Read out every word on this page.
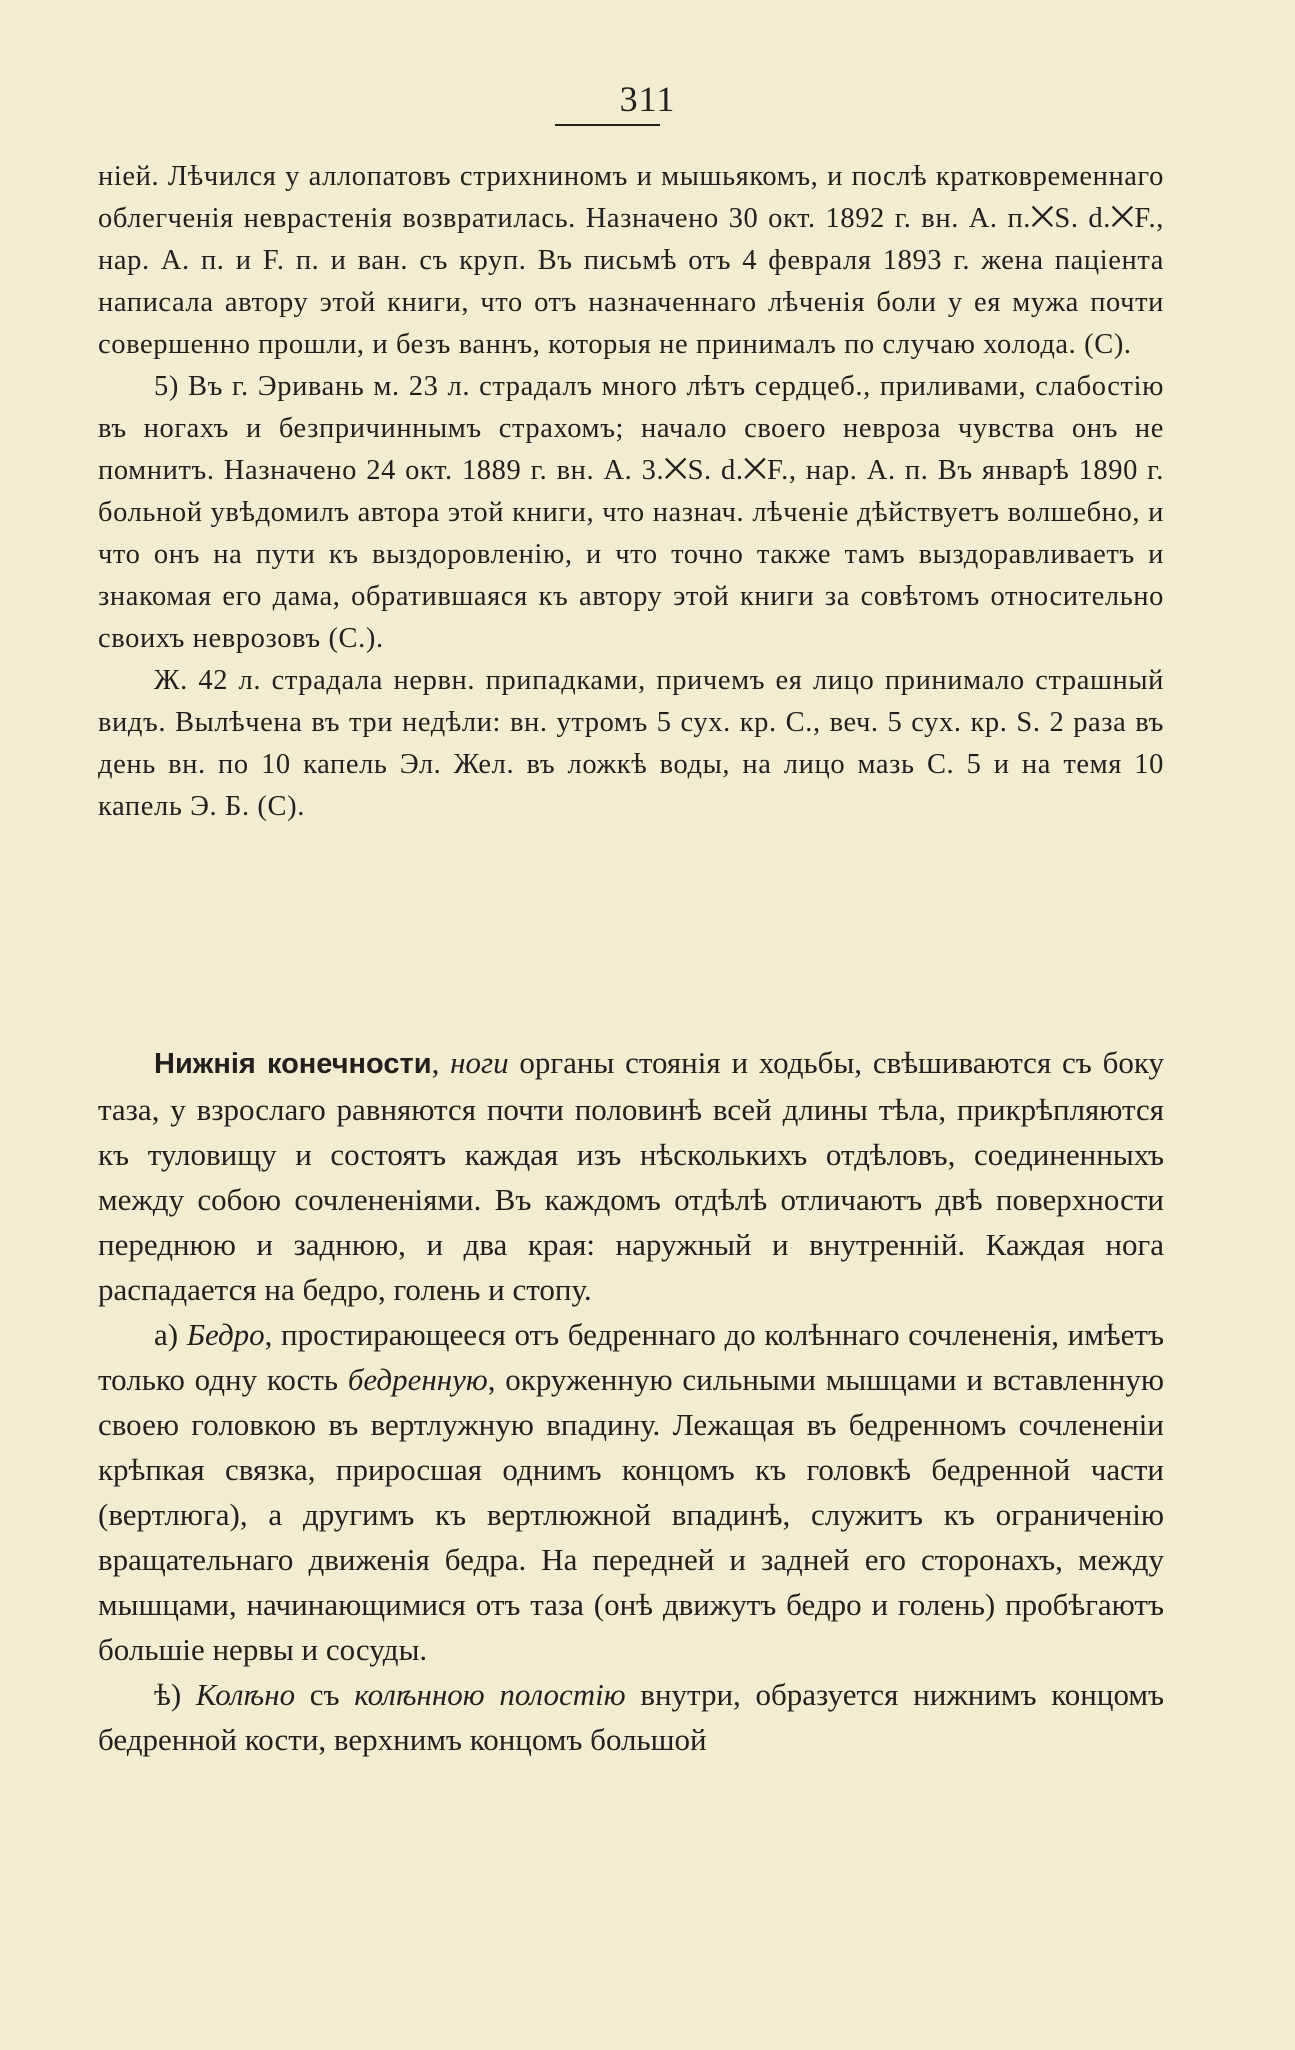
311

ніей. Лѣчился у аллопатовъ стрихниномъ и мышьякомъ, и послѣ кратковременнаго облегченія неврастенія возвратилась. Назначено 30 окт. 1892 г. вн. А. п.⨉S. d.⨉F., нар. А. п. и F. п. и ван. съ круп. Въ письмѣ отъ 4 февраля 1893 г. жена паціента написала автору этой книги, что отъ назначеннаго лѣченія боли у ея мужа почти совершенно прошли, и безъ ваннъ, которыя не принималъ по случаю холода. (С).

5) Въ г. Эривань м. 23 л. страдалъ много лѣтъ сердцеб., приливами, слабостію въ ногахъ и безпричиннымъ страхомъ; начало своего невроза чувства онъ не помнитъ. Назначено 24 окт. 1889 г. вн. А. 3.⨉S. d.⨉F., нар. А. п. Въ январѣ 1890 г. больной увѣдомилъ автора этой книги, что назнач. лѣченіе дѣйствуетъ волшебно, и что онъ на пути къ выздоровленію, и что точно также тамъ выздоравливаетъ и знакомая его дама, обратившаяся къ автору этой книги за совѣтомъ относительно своихъ неврозовъ (С.).

Ж. 42 л. страдала нервн. припадками, причемъ ея лицо принимало страшный видъ. Вылѣчена въ три недѣли: вн. утромъ 5 сух. кр. С., веч. 5 сух. кр. S. 2 раза въ день вн. по 10 капель Эл. Жел. въ ложкѣ воды, на лицо мазь С. 5 и на темя 10 капель Э. Б. (С).

Нижнія конечности, ноги органы стоянія и ходьбы, свѣшиваются съ боку таза, у взрослаго равняются почти половинѣ всей длины тѣла, прикрѣпляются къ туловищу и состоятъ каждая изъ нѣсколькихъ отдѣловъ, соединенныхъ между собою сочлененіями. Въ каждомъ отдѣлѣ отличаютъ двѣ поверхности переднюю и заднюю, и два края: наружный и внутренній. Каждая нога распадается на бедро, голень и стопу.

а) Бедро, простирающееся отъ бедреннаго до колѣннаго сочлененія, имѣетъ только одну кость бедренную, окруженную сильными мышцами и вставленную своею головкою въ вертлужную впадину. Лежащая въ бедренномъ сочлененіи крѣпкая связка, приросшая однимъ концомъ къ головкѣ бедренной части (вертлюга), а другимъ къ вертлюжной впадинѣ, служитъ къ ограниченію вращательнаго движенія бедра. На передней и задней его сторонахъ, между мышцами, начинающимися отъ таза (онѣ движутъ бедро и голень) пробѣгаютъ большіе нервы и сосуды.

ѣ) Колѣно съ колѣнною полостію внутри, образуется нижнимъ концомъ бедренной кости, верхнимъ концомъ большой
